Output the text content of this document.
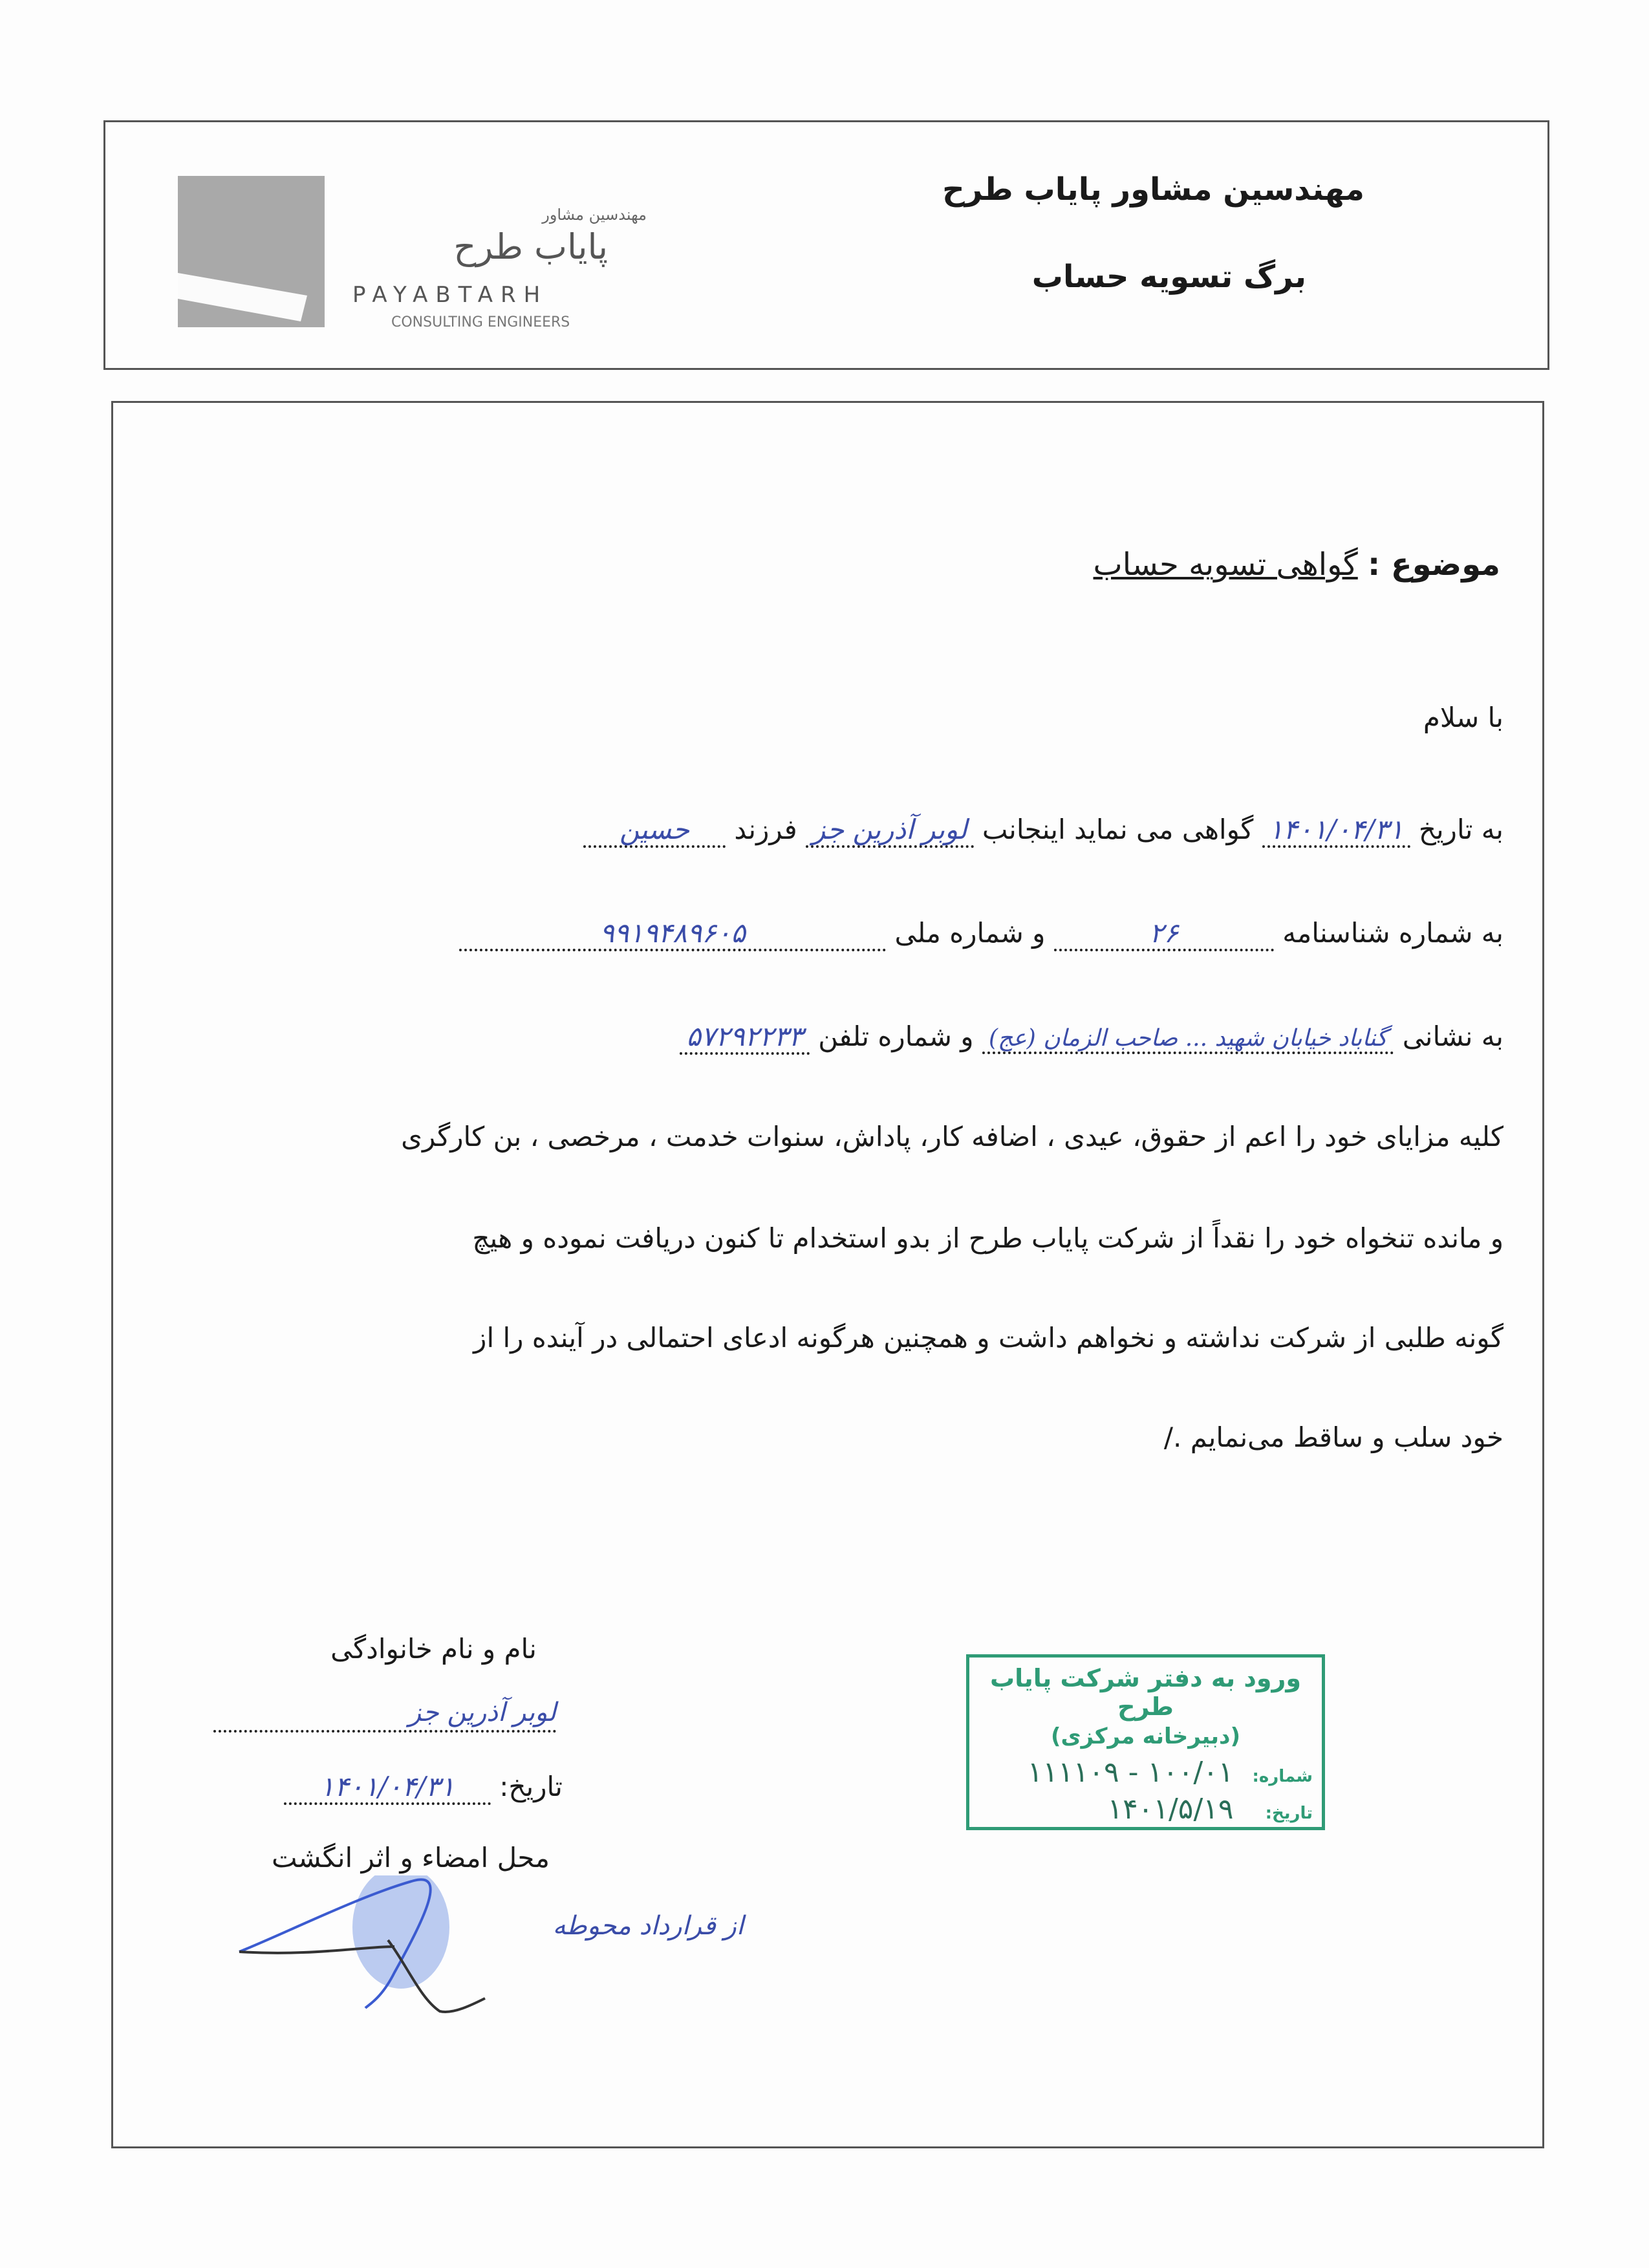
مهندسین مشاور
پایاب طرح
PAYABTARH
CONSULTING ENGINEERS
مهندسین مشاور پایاب طرح
برگ تسویه حساب
موضوع : گواهی تسویه حساب
با سلام
به تاریخ ۱۴۰۱/۰۴/۳۱ گواهی می نماید اینجانب لوبر آذرین جز فرزند حسین
به شماره شناسنامه ۲۶ و شماره ملی ۹۹۱۹۴۸۹۶۰۵
به نشانی گناباد خیابان شهید ... صاحب الزمان (عج) و شماره تلفن ۵۷۲۹۲۲۳۳
کلیه مزایای خود را اعم از حقوق، عیدی ، اضافه کار، پاداش، سنوات خدمت ، مرخصی ، بن کارگری
و مانده تنخواه خود را نقداً از شرکت پایاب طرح از بدو استخدام تا کنون دریافت نموده و هیچ
گونه طلبی از شرکت نداشته و نخواهم داشت و همچنین هرگونه ادعای احتمالی در آینده را از
خود سلب و ساقط می‌نمایم ./
نام و نام خانوادگی
لوبر آذرین جز
تاریخ: ۱۴۰۱/۰۴/۳۱
محل امضاء و اثر انگشت
از قرارداد محوطه
ورود به دفتر شرکت پایاب طرح
(دبیرخانه مرکزی)
شماره: ۱۰۰/۰۱ - ۱۱۱۱۰۹
تاریخ: ۱۴۰۱/۵/۱۹
